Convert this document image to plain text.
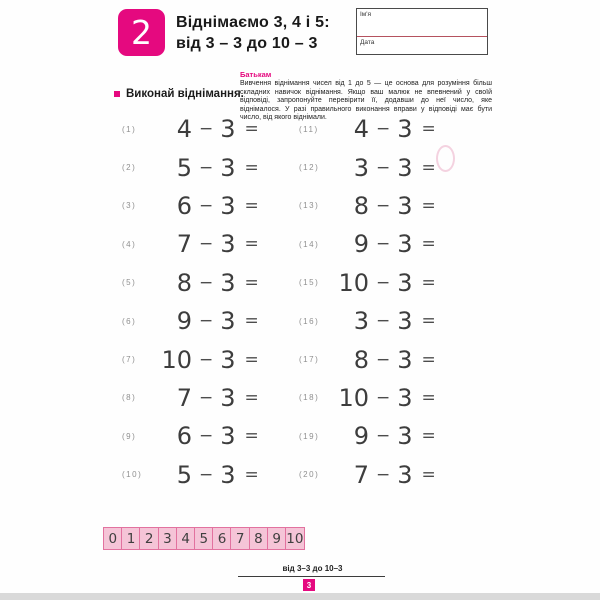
2 Віднімаємо 3, 4 і 5:
від 3 – 3 до 10 – 3
Ім'я
Дата
Батькам
Вивчення віднімання чисел від 1 до 5 — це основа для розуміння більш складних навичок віднімання. Якщо ваш малюк не впевнений у своїй відповіді, запропонуйте перевірити її, додавши до неї число, яке віднімалося. У разі правильного виконання вправи у відповіді має бути число, від якого віднімали.
Виконай віднімання.
(1)	4 − 3 =
(2)	5 − 3 =
(3)	6 − 3 =
(4)	7 − 3 =
(5)	8 − 3 =
(6)	9 − 3 =
(7)	10 − 3 =
(8)	7 − 3 =
(9)	6 − 3 =
(10)	5 − 3 =
(11)	4 − 3 =
(12)	3 − 3 =
(13)	8 − 3 =
(14)	9 − 3 =
(15) 10 − 3 =
(16)	3 − 3 =
(17)	8 − 3 =
(18) 10 − 3 =
(19)	9 − 3 =
(20)	7 − 3 =
0 1 2 3 4 5 6 7 8 9 10
від 3–3 до 10–3
3
